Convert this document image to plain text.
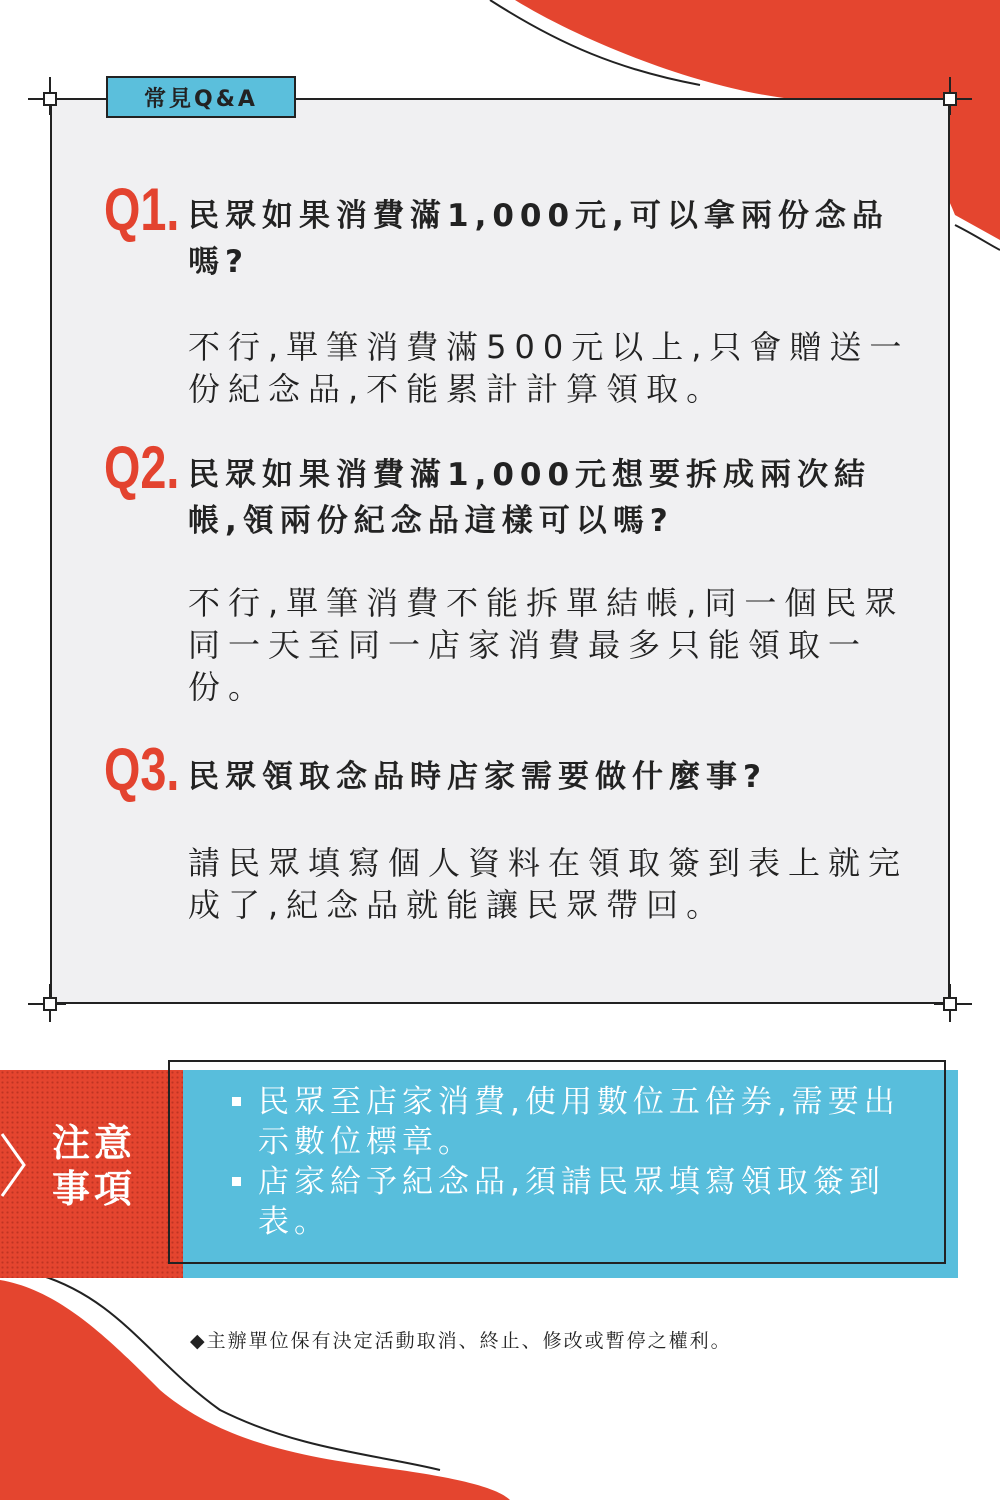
常見Q&A
Q1. 民眾如果消費滿1,000元,可以拿兩份念品嗎?
不行,單筆消費滿500元以上,只會贈送一份紀念品,不能累計計算領取。
Q2. 民眾如果消費滿1,000元想要拆成兩次結帳,領兩份紀念品這樣可以嗎?
不行,單筆消費不能拆單結帳,同一個民眾同一天至同一店家消費最多只能領取一份。
Q3. 民眾領取念品時店家需要做什麼事?
請民眾填寫個人資料在領取簽到表上就完成了,紀念品就能讓民眾帶回。
注意事項
民眾至店家消費,使用數位五倍券,需要出示數位標章。
店家給予紀念品,須請民眾填寫領取簽到表。
◆主辦單位保有決定活動取消、終止、修改或暫停之權利。
